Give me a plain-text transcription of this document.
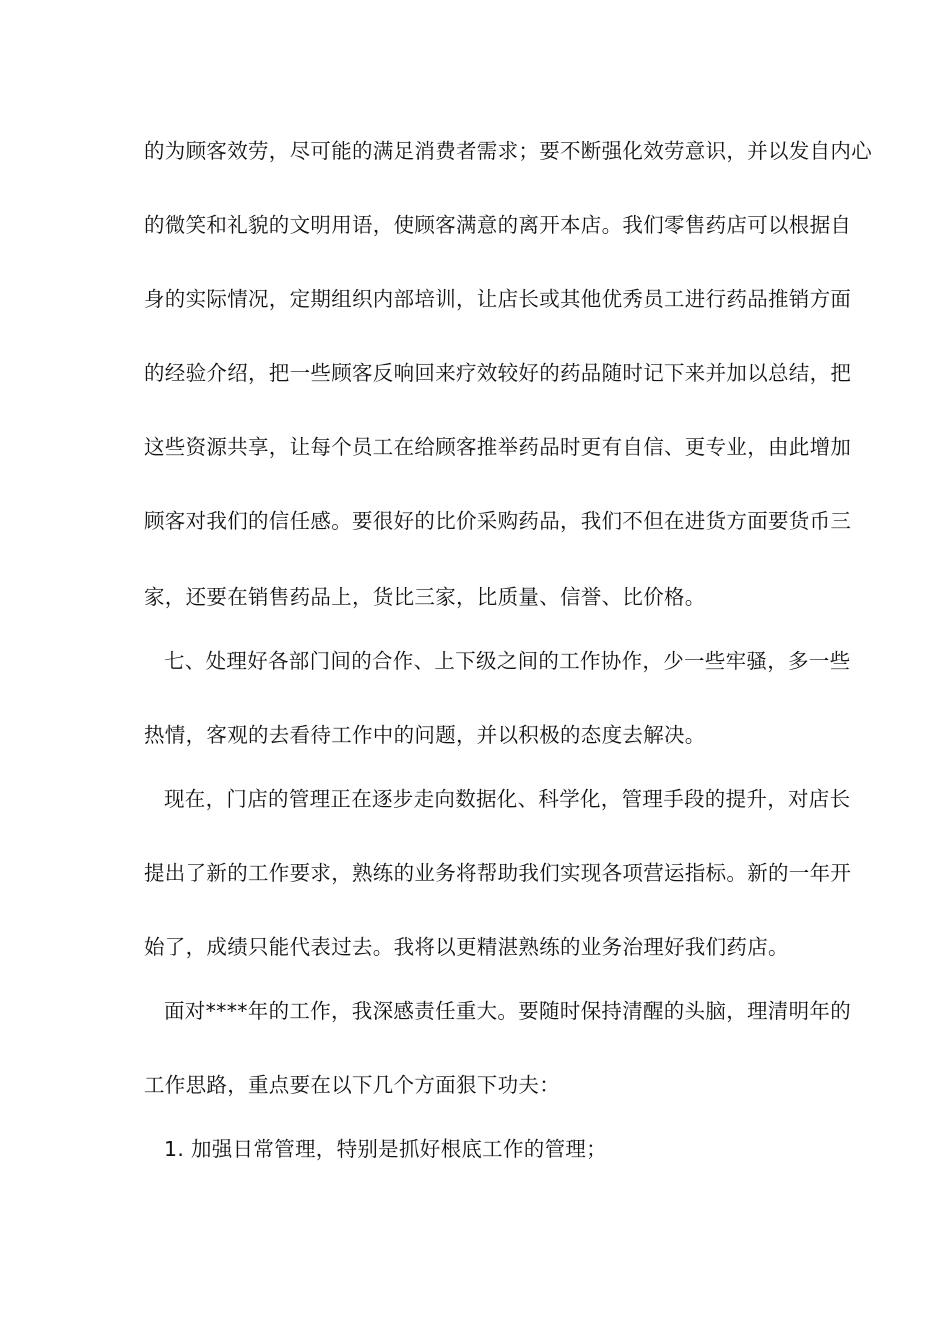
的为顾客效劳，尽可能的满足消费者需求；要不断强化效劳意识，并以发自内心
的微笑和礼貌的文明用语，使顾客满意的离开本店。我们零售药店可以根据自
身的实际情况，定期组织内部培训，让店长或其他优秀员工进行药品推销方面
的经验介绍，把一些顾客反响回来疗效较好的药品随时记下来并加以总结，把
这些资源共享，让每个员工在给顾客推举药品时更有自信、更专业，由此增加
顾客对我们的信任感。要很好的比价采购药品，我们不但在进货方面要货币三
家，还要在销售药品上，货比三家，比质量、信誉、比价格。
七、处理好各部门间的合作、上下级之间的工作协作，少一些牢骚，多一些
热情，客观的去看待工作中的问题，并以积极的态度去解决。
现在，门店的管理正在逐步走向数据化、科学化，管理手段的提升，对店长
提出了新的工作要求，熟练的业务将帮助我们实现各项营运指标。新的一年开
始了，成绩只能代表过去。我将以更精湛熟练的业务治理好我们药店。
面对****年的工作，我深感责任重大。要随时保持清醒的头脑，理清明年的
工作思路，重点要在以下几个方面狠下功夫：
1. 加强日常管理，特别是抓好根底工作的管理；
